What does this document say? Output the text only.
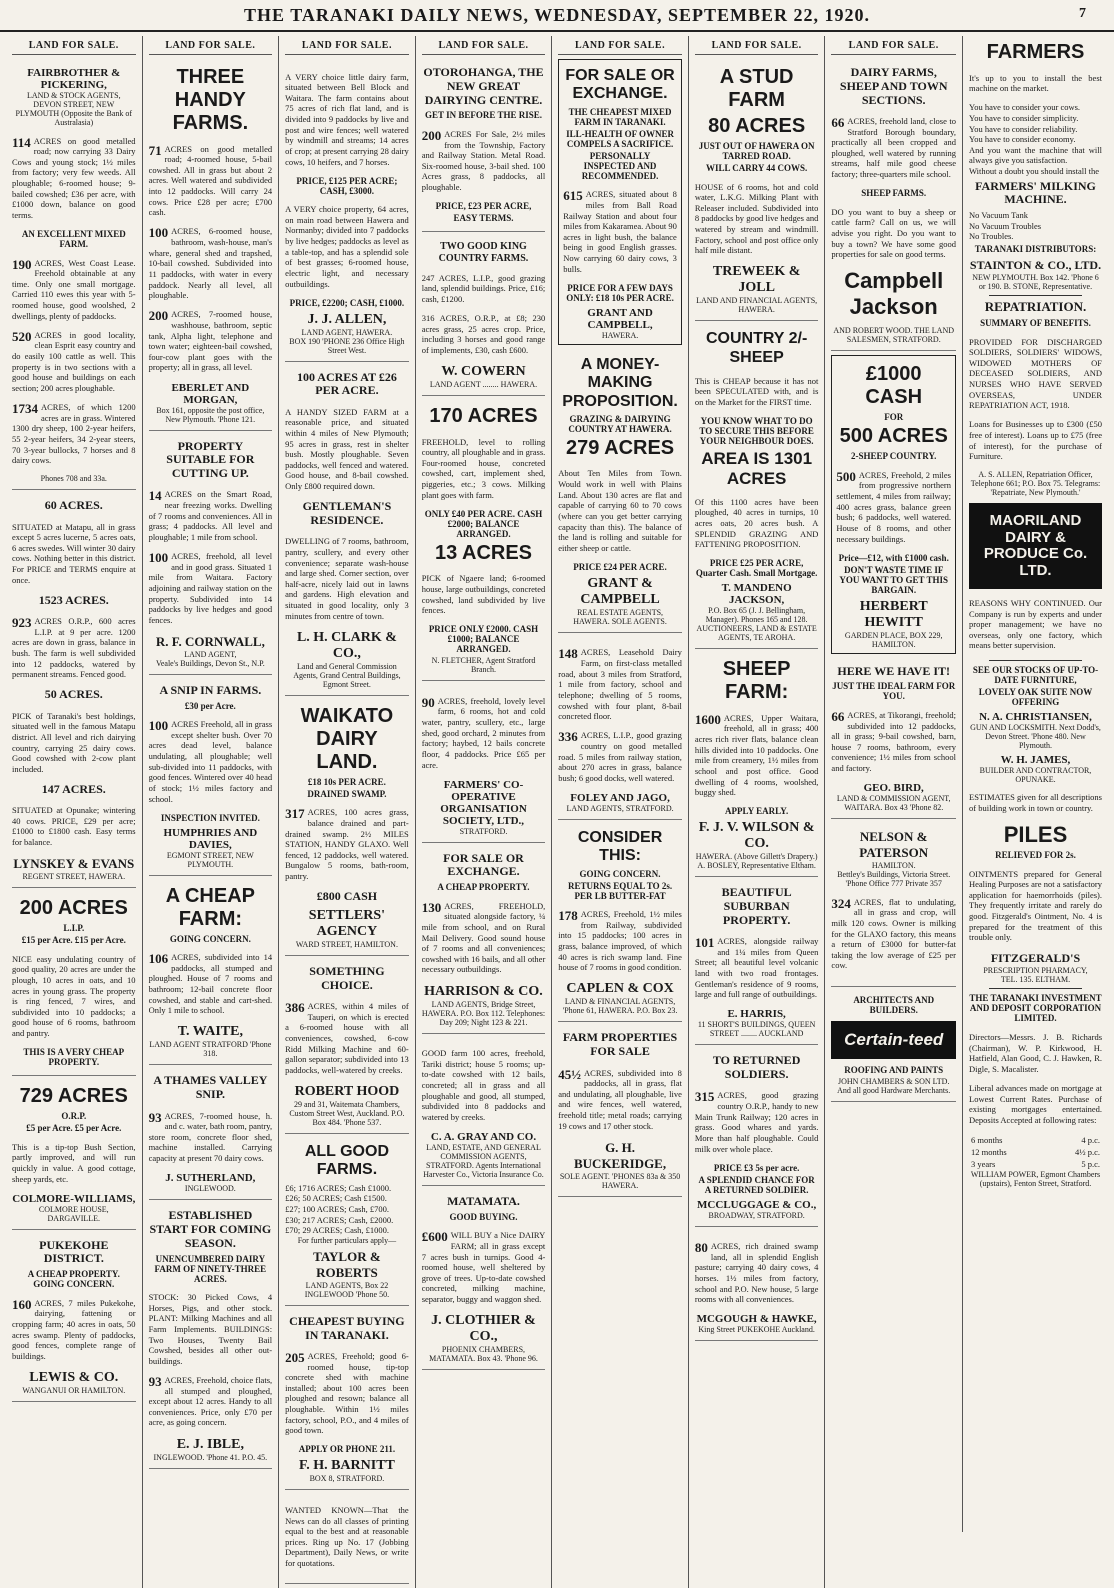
THE TARANAKI DAILY NEWS, WEDNESDAY, SEPTEMBER 22, 1920.	7
LAND FOR SALE.
FAIRBROTHER & PICKERING,
LAND & STOCK AGENTS,
DEVON STREET, NEW PLYMOUTH (Opposite the Bank of Australasia)

114 ACRES on good metalled road; now carrying 33 Dairy Cows and young stock; 1½ miles from factory; very few weeds. All ploughable; 6-roomed house; 9-bailed cowshed; £36 per acre, with £1000 down, balance on good terms.

AN EXCELLENT MIXED FARM.

190 ACRES, West Coast Lease. Freehold obtainable at any time. Only one small mortgage. Carried 110 ewes this year with 5-roomed house, good woolshed, 2 dwellings, plenty of paddocks.

520 ACRES in good locality, clean Esprit easy country and do easily 100 cattle as well. This property is in two sections with a good house and buildings on each section; 200 acres ploughable.

1734 ACRES, of which 1200 acres are in grass. Wintered 1300 dry sheep, 100 2-year heifers, 55 2-year heifers, 34 2-year steers, 70 3-year bullocks, 7 horses and 8 dairy cows.

Phones 708 and 33a.
60 ACRES.

SITUATED at Matapu, all in grass except 5 acres lucerne, 5 acres oats, 6 acres swedes. Will winter 30 dairy cows. Nothing better in this district. For PRICE and TERMS enquire at once.

1523 ACRES.

923 ACRES O.R.P., 600 acres L.I.P. at 9 per acre. 1200 acres are down in grass, balance in bush. The farm is well subdivided into 12 paddocks, watered by permanent streams. Fenced good.

50 ACRES.

PICK of Taranaki's best holdings, situated well in the famous Matapu district. All level and rich dairying country, carrying 25 dairy cows. Good cowshed with 2-cow plant included.

147 ACRES.

SITUATED at Opunake; wintering 40 cows. PRICE, £29 per acre; £1000 to £1800 cash. Easy terms for balance.

LYNSKEY & EVANS
REGENT STREET, HAWERA.
200 ACRES
L.I.P.
£15 per Acre. £15 per Acre.

NICE easy undulating country of good quality, 20 acres are under the plough, 10 acres in oats, and 10 acres in young grass. The property is ring fenced, 7 wires, and subdivided into 10 paddocks; a good house of 6 rooms, bathroom and pantry.

THIS IS A VERY CHEAP PROPERTY.
729 ACRES
O.R.P.
£5 per Acre. £5 per Acre.

This is a tip-top Bush Section, partly improved, and will run quickly in value. A good cottage, sheep yards, etc.

COLMORE-WILLIAMS,
COLMORE HOUSE, DARGAVILLE.
PUKEKOHE DISTRICT.
A CHEAP PROPERTY. GOING CONCERN.

160 ACRES, 7 miles Pukekohe, dairying, fattening or cropping farm; 40 acres in oats, 50 acres swamp. Plenty of paddocks, good fences, complete range of buildings.

LEWIS & CO.
WANGANUI OR HAMILTON.
LAND FOR SALE.
THREE HANDY FARMS.

71 ACRES on good metalled road; 4-roomed house, 5-bail cowshed. All in grass but about 2 acres. Well watered and subdivided into 12 paddocks. Will carry 24 cows. Price £28 per acre; £700 cash.

100 ACRES, 6-roomed house, bathroom, wash-house, man's whare, general shed and trapshed, 10-bail cowshed. Subdivided into 11 paddocks, with water in every paddock. Nearly all level, all ploughable.

200 ACRES, 7-roomed house, washhouse, bathroom, septic tank, Alpha light, telephone and town water; eighteen-bail cowshed, four-cow plant goes with the property; all in grass, all level.

EBERLET AND MORGAN,
Box 161, opposite the post office, New Plymouth. 'Phone 121.
PROPERTY SUITABLE FOR CUTTING UP.

14 ACRES on the Smart Road, near freezing works. Dwelling of 7 rooms and conveniences. All in grass; 4 paddocks. All level and ploughable; 1 mile from school.

100 ACRES, freehold, all level and in good grass. Situated 1 mile from Waitara. Factory adjoining and railway station on the property. Subdivided into 14 paddocks by live hedges and good fences.

R. F. CORNWALL,
LAND AGENT,
Veale's Buildings, Devon St., N.P.
A SNIP IN FARMS.
£30 per Acre.

100 ACRES Freehold, all in grass except shelter bush. Over 70 acres dead level, balance undulating, all ploughable; well sub-divided into 11 paddocks, with good fences. Wintered over 40 head of stock; 1½ miles factory and school.

INSPECTION INVITED.
HUMPHRIES AND DAVIES,
EGMONT STREET, NEW PLYMOUTH.
A CHEAP FARM:
GOING CONCERN.

106 ACRES, subdivided into 14 paddocks, all stumped and ploughed. House of 7 rooms and bathroom; 12-bail concrete floor cowshed, and stable and cart-shed. Only 1 mile to school.

T. WAITE,
LAND AGENT STRATFORD 'Phone 318.
A THAMES VALLEY SNIP.

93 ACRES, 7-roomed house, h. and c. water, bath room, pantry, store room, concrete floor shed, machine installed. Carrying capacity at present 70 dairy cows.

J. SUTHERLAND,
INGLEWOOD.
ESTABLISHED START FOR COMING SEASON.
UNENCUMBERED DAIRY FARM OF NINETY-THREE ACRES.

STOCK: 30 Picked Cows, 4 Horses, Pigs, and other stock. PLANT: Milking Machines and all Farm Implements. BUILDINGS: Two Houses, Twenty Bail Cowshed, besides all other out-buildings.

93 ACRES, Freehold, choice flats, all stumped and ploughed, except about 12 acres. Handy to all conveniences. Price, only £70 per acre, as going concern.

E. J. IBLE,
INGLEWOOD. 'Phone 41. P.O. 45.
LAND FOR SALE.

A VERY choice little dairy farm, situated between Bell Block and Waitara. The farm contains about 75 acres of rich flat land, and is divided into 9 paddocks by live and post and wire fences; well watered by windmill and streams; 14 acres of crop; at present carrying 28 dairy cows, 10 heifers, and 7 horses.

PRICE, £125 PER ACRE; CASH, £3000.

A VERY choice property, 64 acres, on main road between Hawera and Normanby; divided into 7 paddocks by live hedges; paddocks as level as a table-top, and has a splendid sole of best grasses; 6-roomed house, electric light, and necessary outbuildings.

PRICE, £2200; CASH, £1000.
J. J. ALLEN,
LAND AGENT, HAWERA.
BOX 190 'PHONE 236 Office High Street West.
100 ACRES AT £26 PER ACRE.

A HANDY SIZED FARM at a reasonable price, and situated within 4 miles of New Plymouth; 95 acres in grass, rest in shelter bush. Mostly ploughable. Seven paddocks, well fenced and watered. Good house, and 8-bail cowshed. Only £800 required down.

GENTLEMAN'S RESIDENCE.

DWELLING of 7 rooms, bathroom, pantry, scullery, and every other convenience; separate wash-house and large shed. Corner section, over half-acre, nicely laid out in lawns and gardens. High elevation and situated in good locality, only 3 minutes from centre of town.

L. H. CLARK & CO.,
Land and General Commission Agents, Grand Central Buildings, Egmont Street.
WAIKATO DAIRY LAND.
£18 10s PER ACRE.
DRAINED SWAMP.

317 ACRES, 100 acres grass, balance drained and part-drained swamp. 2½ MILES STATION, HANDY GLAXO. Well fenced, 12 paddocks, well watered. Bungalow 5 rooms, bath-room, pantry.

£800 CASH
SETTLERS' AGENCY
WARD STREET, HAMILTON.
SOMETHING CHOICE.

386 ACRES, within 4 miles of Tauperi, on which is erected a 6-roomed house with all conveniences, cowshed, 6-cow Ridd Milking Machine and 60-gallon separator; subdivided into 13 paddocks, well-watered by creeks.

ROBERT HOOD
29 and 31, Waitemata Chambers, Custom Street West, Auckland. P.O. Box 484. 'Phone 537.
ALL GOOD FARMS.
£6; 1716 ACRES; Cash £1000.
£26; 50 ACRES; Cash £1500.
£27; 100 ACRES; Cash, £700.
£30; 217 ACRES; Cash, £2000.
£70; 29 ACRES; Cash, £1000.
For further particulars apply—
TAYLOR & ROBERTS
LAND AGENTS, Box 22 INGLEWOOD 'Phone 50.
CHEAPEST BUYING IN TARANAKI.

205 ACRES, Freehold; good 6-roomed house, tip-top concrete shed with machine installed; about 100 acres been ploughed and resown; balance all ploughable. Within 1½ miles factory, school, P.O., and 4 miles of good town.

APPLY OR PHONE 211.
F. H. BARNITT
BOX 8, STRATFORD.

WANTED KNOWN—That the News can do all classes of printing equal to the best and at reasonable prices. Ring up No. 17 (Jobbing Department), Daily News, or write for quotations.

LAND FOR SALE.
OTOROHANGA, THE NEW GREAT DAIRYING CENTRE.
GET IN BEFORE THE RISE.

200 ACRES For Sale, 2½ miles from the Township, Factory and Railway Station. Metal Road. Six-roomed house, 3-bail shed. 100 Acres grass, 8 paddocks, all ploughable.

PRICE, £23 PER ACRE,
EASY TERMS.
TWO GOOD KING COUNTRY FARMS.

247 ACRES, L.I.P., good grazing land, splendid buildings. Price, £16; cash, £1200.

316 ACRES, O.R.P., at £8; 230 acres grass, 25 acres crop. Price, including 3 horses and good range of implements, £30, cash £600.

W. COWERN
LAND AGENT ........ HAWERA.
170 ACRES

FREEHOLD, level to rolling country, all ploughable and in grass. Four-roomed house, concreted cowshed, cart, implement shed, piggeries, etc.; 3 cows. Milking plant goes with farm.

ONLY £40 PER ACRE. CASH £2000; BALANCE ARRANGED.
13 ACRES

PICK of Ngaere land; 6-roomed house, large outbuildings, concreted cowshed, land subdivided by live fences.

PRICE ONLY £2000. CASH £1000; BALANCE ARRANGED.
N. FLETCHER, Agent Stratford Branch.

90 ACRES, freehold, lovely level farm, 6 rooms, hot and cold water, pantry, scullery, etc., large shed, good orchard, 2 minutes from factory; haybed, 12 bails concrete floor, 4 paddocks. Price £65 per acre.

FARMERS' CO-OPERATIVE ORGANISATION SOCIETY, LTD.,
STRATFORD.
FOR SALE OR EXCHANGE.
A CHEAP PROPERTY.

130 ACRES, FREEHOLD, situated alongside factory, ¼ mile from school, and on Rural Mail Delivery. Good sound house of 7 rooms and all conveniences; cowshed with 16 bails, and all other necessary outbuildings.

HARRISON & CO.
LAND AGENTS, Bridge Street, HAWERA. P.O. Box 112. Telephones: Day 209; Night 123 & 221.

GOOD farm 100 acres, freehold, Tariki district; house 5 rooms; up-to-date cowshed with 12 bails, concreted; all in grass and all ploughable and good, all stumped, subdivided into 8 paddocks and watered by creeks.

C. A. GRAY AND CO.
LAND, ESTATE, AND GENERAL COMMISSION AGENTS, STRATFORD. Agents International Harvester Co., Victoria Insurance Co.
MATAMATA.
GOOD BUYING.

£600 WILL BUY a Nice DAIRY FARM; all in grass except 7 acres bush in turnips. Good 4-roomed house, well sheltered by grove of trees. Up-to-date cowshed concreted, milking machine, separator, buggy and waggon shed.

J. CLOTHIER & CO.,
PHOENIX CHAMBERS, MATAMATA. Box 43. 'Phone 96.
LAND FOR SALE.
FOR SALE OR EXCHANGE.
THE CHEAPEST MIXED FARM IN TARANAKI.
ILL-HEALTH OF OWNER COMPELS A SACRIFICE.
PERSONALLY INSPECTED AND RECOMMENDED.

615 ACRES, situated about 8 miles from Ball Road Railway Station and about four miles from Kakaramea. About 90 acres in light bush, the balance being in good English grasses. Now carrying 60 dairy cows, 3 bulls.

PRICE FOR A FEW DAYS ONLY: £18 10s PER ACRE.
GRANT AND CAMPBELL,
HAWERA.
A MONEY-MAKING PROPOSITION.
GRAZING & DAIRYING COUNTRY AT HAWERA.
279 ACRES

About Ten Miles from Town. Would work in well with Plains Land. About 130 acres are flat and capable of carrying 60 to 70 cows (where can you get better carrying capacity than this). The balance of the land is rolling and suitable for either sheep or cattle.

PRICE £24 PER ACRE.
GRANT & CAMPBELL
REAL ESTATE AGENTS, HAWERA. SOLE AGENTS.

148 ACRES, Leasehold Dairy Farm, on first-class metalled road, about 3 miles from Stratford, 1 mile from factory, school and telephone; dwelling of 5 rooms, cowshed with four plant, 8-bail concreted floor.

336 ACRES, L.I.P., good grazing country on good metalled road. 5 miles from railway station, about 270 acres in grass, balance bush; 6 good docks, well watered.

FOLEY AND JAGO,
LAND AGENTS, STRATFORD.
CONSIDER THIS:
GOING CONCERN.
RETURNS EQUAL TO 2s. PER LB BUTTER-FAT

178 ACRES, Freehold, 1½ miles from Railway, subdivided into 15 paddocks; 100 acres in grass, balance improved, of which 40 acres is rich swamp land. Fine house of 7 rooms in good condition.

CAPLEN & COX
LAND & FINANCIAL AGENTS, 'Phone 61, HAWERA. P.O. Box 23.
FARM PROPERTIES FOR SALE

45½ ACRES, subdivided into 8 paddocks, all in grass, flat and undulating, all ploughable, live and wire fences, well watered, freehold title; metal roads; carrying 19 cows and 17 other stock.

G. H. BUCKERIDGE,
SOLE AGENT. 'PHONES 83a & 350 HAWERA.
LAND FOR SALE.
A STUD FARM
80 ACRES
JUST OUT OF HAWERA ON TARRED ROAD.
WILL CARRY 44 COWS.

HOUSE of 6 rooms, hot and cold water, L.K.G. Milking Plant with Releaser included. Subdivided into 8 paddocks by good live hedges and watered by stream and windmill. Factory, school and post office only half mile distant.

TREWEEK & JOLL
LAND AND FINANCIAL AGENTS, HAWERA.
COUNTRY 2/- SHEEP

This is CHEAP because it has not been SPECULATED with, and is on the Market for the FIRST time.

YOU KNOW WHAT TO DO TO SECURE THIS BEFORE YOUR NEIGHBOUR DOES.
AREA IS 1301 ACRES

Of this 1100 acres have been ploughed, 40 acres in turnips, 10 acres oats, 20 acres bush. A SPLENDID GRAZING AND FATTENING PROPOSITION.

PRICE £25 PER ACRE, Quarter Cash. Small Mortgage.
T. MANDENO JACKSON,
P.O. Box 65 (J. J. Bellingham, Manager). Phones 165 and 128. AUCTIONEERS, LAND & ESTATE AGENTS, TE AROHA.
SHEEP FARM:

1600 ACRES, Upper Waitara, freehold, all in grass; 400 acres rich river flats, balance clean hills divided into 10 paddocks. One mile from creamery, 1½ miles from school and post office. Good dwelling of 4 rooms, woolshed, buggy shed.

APPLY EARLY.
F. J. V. WILSON & CO.
HAWERA. (Above Gillett's Drapery.)
A. BOSLEY, Representative Eltham.
BEAUTIFUL SUBURBAN PROPERTY.

101 ACRES, alongside railway and 1¼ miles from Queen Street; all beautiful level volcanic land with two road frontages. Gentleman's residence of 9 rooms, large and full range of outbuildings.

E. HARRIS,
11 SHORT'S BUILDINGS, QUEEN STREET ........ AUCKLAND
TO RETURNED SOLDIERS.

315 ACRES, good grazing country O.R.P., handy to new Main Trunk Railway; 120 acres in grass. Good whares and yards. More than half ploughable. Could milk over whole place.

PRICE £3 5s per acre.
A SPLENDID CHANCE FOR A RETURNED SOLDIER.
MCCLUGGAGE & CO.,
BROADWAY, STRATFORD.

80 ACRES, rich drained swamp land, all in splendid English pasture; carrying 40 dairy cows, 4 horses. 1½ miles from factory, school and P.O. New house, 5 large rooms with all conveniences.

MCGOUGH & HAWKE,
King Street PUKEKOHE Auckland.
LAND FOR SALE.
DAIRY FARMS, SHEEP AND TOWN SECTIONS.

66 ACRES, freehold land, close to Stratford Borough boundary, practically all been cropped and ploughed, well watered by running streams, half mile good cheese factory; three-quarters mile school.

SHEEP FARMS.

DO you want to buy a sheep or cattle farm? Call on us, we will advise you right. Do you want to buy a town? We have some good properties for sale on good terms.

Campbell Jackson
AND ROBERT WOOD. THE LAND SALESMEN, STRATFORD.
£1000 CASH
FOR
500 ACRES
2-SHEEP COUNTRY.

500 ACRES, Freehold, 2 miles from progressive northern settlement, 4 miles from railway; 400 acres grass, balance green bush; 6 paddocks, well watered. House of 8 rooms, and other necessary buildings.

Price—£12, with £1000 cash.
DON'T WASTE TIME IF YOU WANT TO GET THIS BARGAIN.
HERBERT HEWITT
GARDEN PLACE, BOX 229, HAMILTON.
HERE WE HAVE IT!
JUST THE IDEAL FARM FOR YOU.

66 ACRES, at Tikorangi, freehold; subdivided into 12 paddocks, all in grass; 9-bail cowshed, barn, house 7 rooms, bathroom, every convenience; 1½ miles from school and factory.

GEO. BIRD,
LAND & COMMISSION AGENT, WAITARA. Box 43 'Phone 82.
NELSON & PATERSON
HAMILTON.
Bettley's Buildings, Victoria Street. 'Phone Office 777 Private 357

324 ACRES, flat to undulating, all in grass and crop, will milk 120 cows. Owner is milking for the GLAXO factory, this means a return of £3000 for butter-fat taking the low average of £25 per cow.

ARCHITECTS AND BUILDERS.
Certain-teed
ROOFING AND PAINTS
JOHN CHAMBERS & SON LTD. And all good Hardware Merchants.
FARMERS

It's up to you to install the best machine on the market.

You have to consider your cows.
You have to consider simplicity.
You have to consider reliability.
You have to consider economy.
And you want the machine that will always give you satisfaction.
Without a doubt you should install the
FARMERS' MILKING MACHINE.
No Vacuum Tank
No Vacuum Troubles
No Troubles.
TARANAKI DISTRIBUTORS:
STAINTON & CO., LTD.
NEW PLYMOUTH. Box 142. 'Phone 6 or 190. B. STONE, Representative.
REPATRIATION.
SUMMARY OF BENEFITS.

PROVIDED FOR DISCHARGED SOLDIERS, SOLDIERS' WIDOWS, WIDOWED MOTHERS OF DECEASED SOLDIERS, AND NURSES WHO HAVE SERVED OVERSEAS, UNDER REPATRIATION ACT, 1918.

Loans for Businesses up to £300 (£50 free of interest). Loans up to £75 (free of interest), for the purchase of Furniture.

A. S. ALLEN, Repatriation Officer, Telephone 661; P.O. Box 75. Telegrams: 'Repatriate, New Plymouth.'
MAORILAND DAIRY & PRODUCE Co. LTD.

REASONS WHY CONTINUED. Our Company is run by experts and under proper management; we have no overseas, only one factory, which means better supervision.

SEE OUR STOCKS OF UP-TO-DATE FURNITURE,
LOVELY OAK SUITE NOW OFFERING
N. A. CHRISTIANSEN,
GUN AND LOCKSMITH. Next Dodd's, Devon Street. 'Phone 480. New Plymouth.
W. H. JAMES,
BUILDER AND CONTRACTOR, OPUNAKE.

ESTIMATES given for all descriptions of building work in town or country.

PILES
RELIEVED FOR 2s.

OINTMENTS prepared for General Healing Purposes are not a satisfactory application for haemorrhoids (piles). They frequently irritate and rarely do good. Fitzgerald's Ointment, No. 4 is prepared for the treatment of this trouble only.

FITZGERALD'S
PRESCRIPTION PHARMACY,
TEL. 135. ELTHAM.
THE TARANAKI INVESTMENT AND DEPOSIT CORPORATION LIMITED.

Directors—Messrs. J. B. Richards (Chairman), W. P. Kirkwood, H. Hatfield, Alan Good, C. J. Hawken, R. Digle, S. Macalister.

Liberal advances made on mortgage at Lowest Current Rates. Purchase of existing mortgages entertained. Deposits Accepted at following rates:

6 months	4 p.c.
12 months	4½ p.c.
3 years	5 p.c.
WILLIAM POWER, Egmont Chambers (upstairs), Fenton Street, Stratford.
